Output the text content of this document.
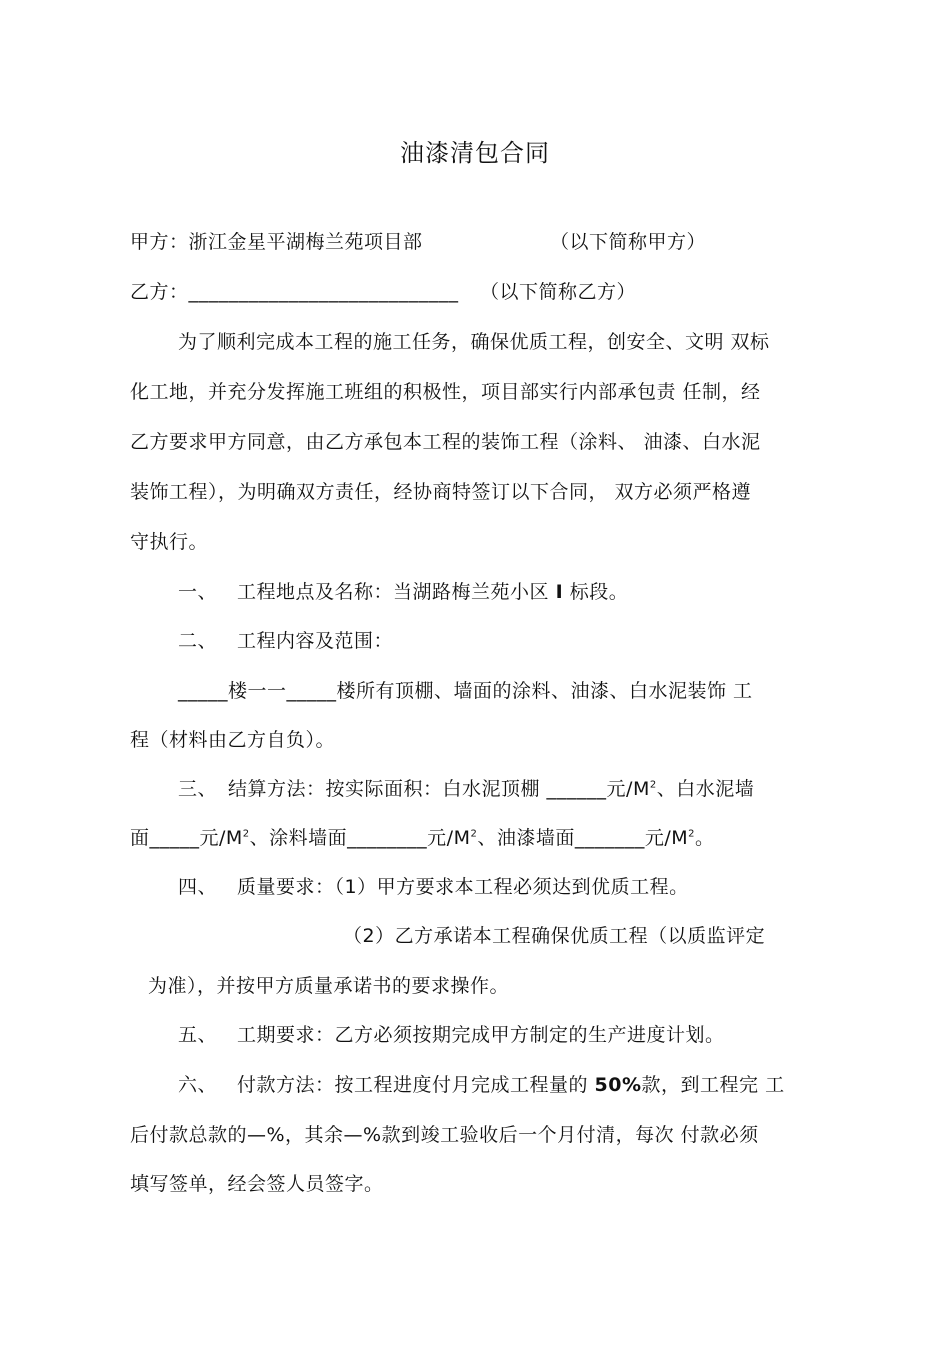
油漆清包合同
甲方：浙江金星平湖梅兰苑项目部	（以下简称甲方）
乙方：___________________________ （以下简称乙方）
为了顺利完成本工程的施工任务，确保优质工程，创安全、文明 双标
化工地，并充分发挥施工班组的积极性，项目部实行内部承包责 任制，经
乙方要求甲方同意，由乙方承包本工程的装饰工程（涂料、 油漆、白水泥
装饰工程），为明确双方责任，经协商特签订以下合同， 双方必须严格遵
守执行。
一、 工程地点及名称：当湖路梅兰苑小区 I 标段。
二、 工程内容及范围：
_____楼一一_____楼所有顶棚、墙面的涂料、油漆、白水泥装饰 工
程（材料由乙方自负）。
三、 结算方法：按实际面积：白水泥顶棚 ______元$/M^2$、白水泥墙
面_____元$/M^2$、涂料墙面________元$/M^2$、油漆墙面_______元$/M^2$。
四、 质量要求：（1）甲方要求本工程必须达到优质工程。
（2）乙方承诺本工程确保优质工程（以质监评定
为准），并按甲方质量承诺书的要求操作。
五、 工期要求：乙方必须按期完成甲方制定的生产进度计划。
六、 付款方法：按工程进度付月完成工程量的 50%款，到工程完 工
后付款总款的—%，其余—%款到竣工验收后一个月付清，每次 付款必须
填写签单，经会签人员签字。
